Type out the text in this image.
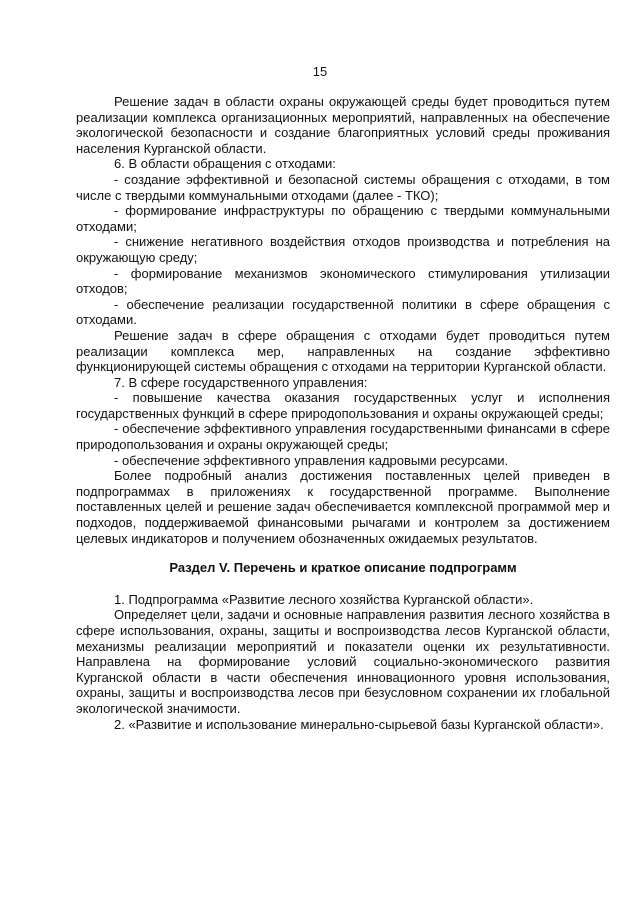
15

Решение задач в области охраны окружающей среды будет проводиться путем реализации комплекса организационных мероприятий, направленных на обеспечение экологической безопасности и создание благоприятных условий среды проживания населения Курганской области.

6. В области обращения с отходами:

- создание эффективной и безопасной системы обращения с отходами, в том числе с твердыми коммунальными отходами (далее - ТКО);

- формирование инфраструктуры по обращению с твердыми коммунальными отходами;

- снижение негативного воздействия отходов производства и потребления на окружающую среду;

- формирование механизмов экономического стимулирования утилизации отходов;

- обеспечение реализации государственной политики в сфере обращения с отходами.

Решение задач в сфере обращения с отходами будет проводиться путем реализации комплекса мер, направленных на создание эффективно функционирующей системы обращения с отходами на территории Курганской области.

7. В сфере государственного управления:

- повышение качества оказания государственных услуг и исполнения государственных функций в сфере природопользования и охраны окружающей среды;

- обеспечение эффективного управления государственными финансами в сфере природопользования и охраны окружающей среды;

- обеспечение эффективного управления кадровыми ресурсами.

Более подробный анализ достижения поставленных целей приведен в подпрограммах в приложениях к государственной программе. Выполнение поставленных целей и решение задач обеспечивается комплексной программой мер и подходов, поддерживаемой финансовыми рычагами и контролем за достижением целевых индикаторов и получением обозначенных ожидаемых результатов.

Раздел V. Перечень и краткое описание подпрограмм

1. Подпрограмма «Развитие лесного хозяйства Курганской области».

Определяет цели, задачи и основные направления развития лесного хозяйства в сфере использования, охраны, защиты и воспроизводства лесов Курганской области, механизмы реализации мероприятий и показатели оценки их результативности. Направлена на формирование условий социально-экономического развития Курганской области в части обеспечения инновационного уровня использования, охраны, защиты и воспроизводства лесов при безусловном сохранении их глобальной экологической значимости.

2. «Развитие и использование минерально-сырьевой базы Курганской области».
